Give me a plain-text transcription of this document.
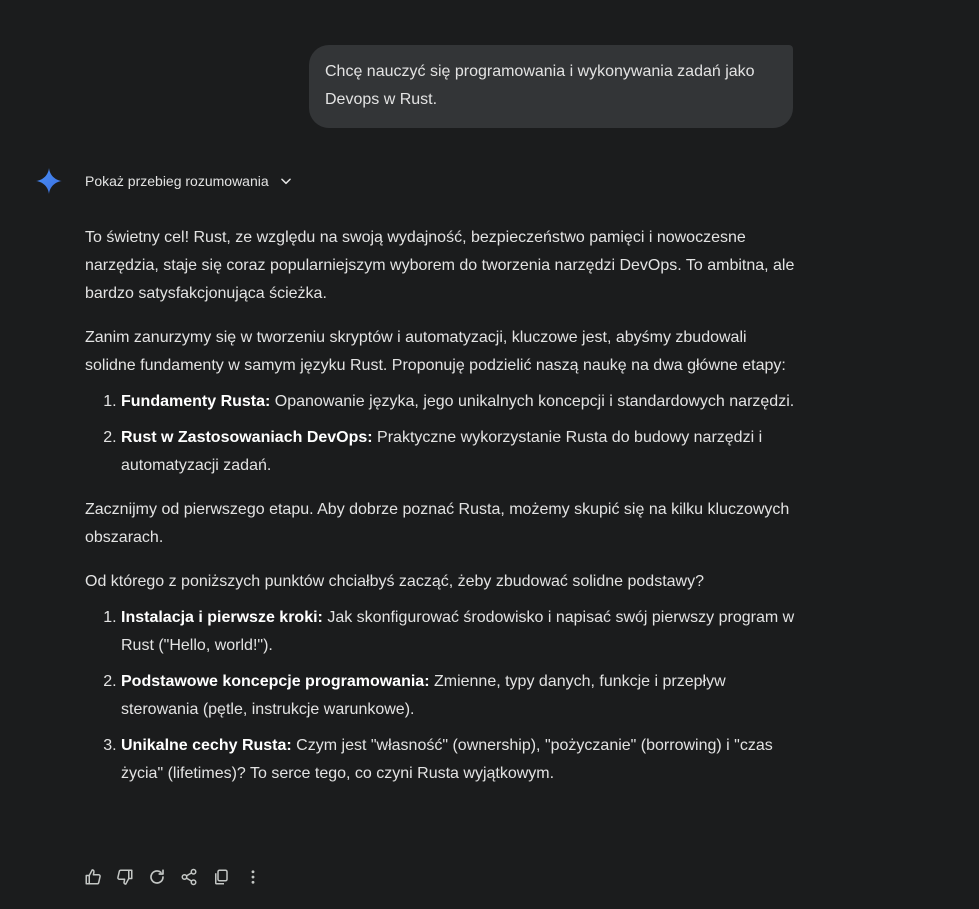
Chcę nauczyć się programowania i wykonywania zadań jako Devops w Rust.
Pokaż przebieg rozumowania

To świetny cel! Rust, ze względu na swoją wydajność, bezpieczeństwo pamięci i nowoczesne narzędzia, staje się coraz popularniejszym wyborem do tworzenia narzędzi DevOps. To ambitna, ale bardzo satysfakcjonująca ścieżka.

Zanim zanurzymy się w tworzeniu skryptów i automatyzacji, kluczowe jest, abyśmy zbudowali solidne fundamenty w samym języku Rust. Proponuję podzielić naszą naukę na dwa główne etapy:

1. Fundamenty Rusta: Opanowanie języka, jego unikalnych koncepcji i standardowych narzędzi.
2. Rust w Zastosowaniach DevOps: Praktyczne wykorzystanie Rusta do budowy narzędzi i automatyzacji zadań.

Zacznijmy od pierwszego etapu. Aby dobrze poznać Rusta, możemy skupić się na kilku kluczowych obszarach.

Od którego z poniższych punktów chciałbyś zacząć, żeby zbudować solidne podstawy?

1. Instalacja i pierwsze kroki: Jak skonfigurować środowisko i napisać swój pierwszy program w Rust ("Hello, world!").
2. Podstawowe koncepcje programowania: Zmienne, typy danych, funkcje i przepływ sterowania (pętle, instrukcje warunkowe).
3. Unikalne cechy Rusta: Czym jest "własność" (ownership), "pożyczanie" (borrowing) i "czas życia" (lifetimes)? To serce tego, co czyni Rusta wyjątkowym.
